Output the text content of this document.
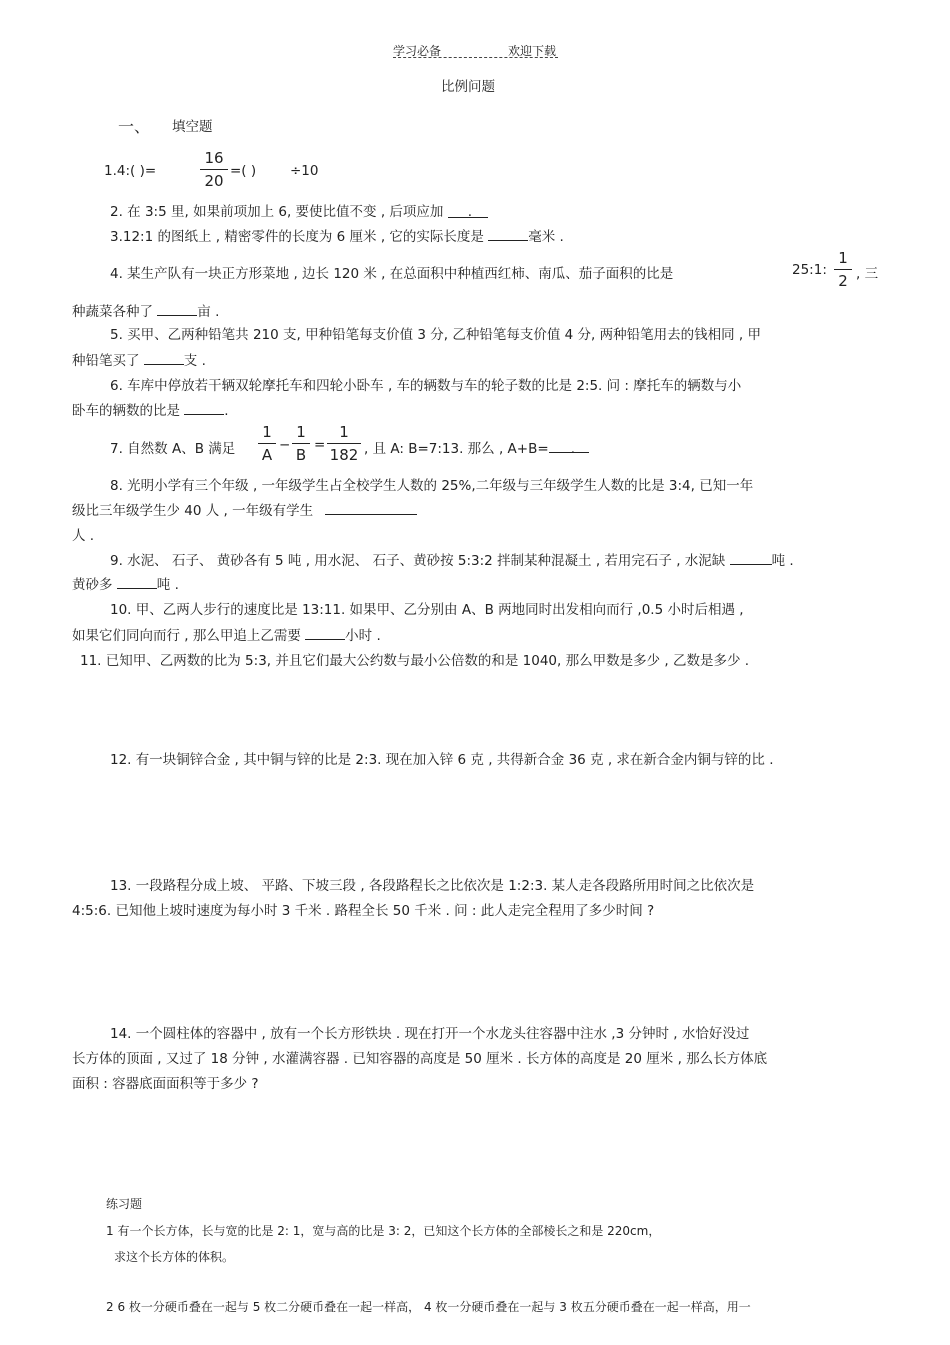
学习必备	欢迎下载
比例问题
一、 填空题
1.4:( )=
16
20
=( )	÷10
2. 在 3:5 里, 如果前项加上 6, 要使比值不变 , 后项应加 .
3.12:1 的图纸上 , 精密零件的长度为 6 厘米 , 它的实际长度是	毫米 .
4. 某生产队有一块正方形菜地 , 边长 120 米 , 在总面积中种植西红柿、南瓜、茄子面积的比是	25:1:
1
2 , 三
种蔬菜各种了	亩 .
5. 买甲、乙两种铅笔共 210 支, 甲种铅笔每支价值 3 分, 乙种铅笔每支价值 4 分, 两种铅笔用去的钱相同 , 甲
种铅笔买了	支 .
6. 车库中停放若干辆双轮摩托车和四轮小卧车 , 车的辆数与车的轮子数的比是 2:5. 问 : 摩托车的辆数与小
卧车的辆数的比是	.
7. 自然数 A、B 满足
1
A
−
1
B
=
1
182 , 且 A: B=7:13. 那么 , A+B= .
8. 光明小学有三个年级 , 一年级学生占全校学生人数的 25%,二年级与三年级学生人数的比是 3:4, 已知一年
级比三年级学生少 40 人 , 一年级有学生
人 .
9. 水泥、 石子、 黄砂各有 5 吨 , 用水泥、 石子、黄砂按 5:3:2 拌制某种混凝土 , 若用完石子 , 水泥缺	吨 .
黄砂多	吨 .
10. 甲、乙两人步行的速度比是 13:11. 如果甲、乙分别由 A、B 两地同时出发相向而行 ,0.5 小时后相遇 ,
如果它们同向而行 , 那么甲追上乙需要	小时 .
11. 已知甲、乙两数的比为 5:3, 并且它们最大公约数与最小公倍数的和是 1040, 那么甲数是多少 , 乙数是多少 .
12. 有一块铜锌合金 , 其中铜与锌的比是 2:3. 现在加入锌 6 克 , 共得新合金 36 克 , 求在新合金内铜与锌的比 .
13. 一段路程分成上坡、 平路、下坡三段 , 各段路程长之比依次是 1:2:3. 某人走各段路所用时间之比依次是
4:5:6. 已知他上坡时速度为每小时 3 千米 . 路程全长 50 千米 . 问 : 此人走完全程用了多少时间 ?
14. 一个圆柱体的容器中 , 放有一个长方形铁块 . 现在打开一个水龙头往容器中注水 ,3 分钟时 , 水恰好没过
长方体的顶面 , 又过了 18 分钟 , 水灌满容器 . 已知容器的高度是 50 厘米 . 长方体的高度是 20 厘米 , 那么长方体底
面积 : 容器底面面积等于多少 ?
练习题
1 有一个长方体，长与宽的比是 2: 1，宽与高的比是 3: 2，已知这个长方体的全部棱长之和是 220cm，
求这个长方体的体积。
2 6 枚一分硬币叠在一起与 5 枚二分硬币叠在一起一样高， 4 枚一分硬币叠在一起与 3 枚五分硬币叠在一起一样高，用一
